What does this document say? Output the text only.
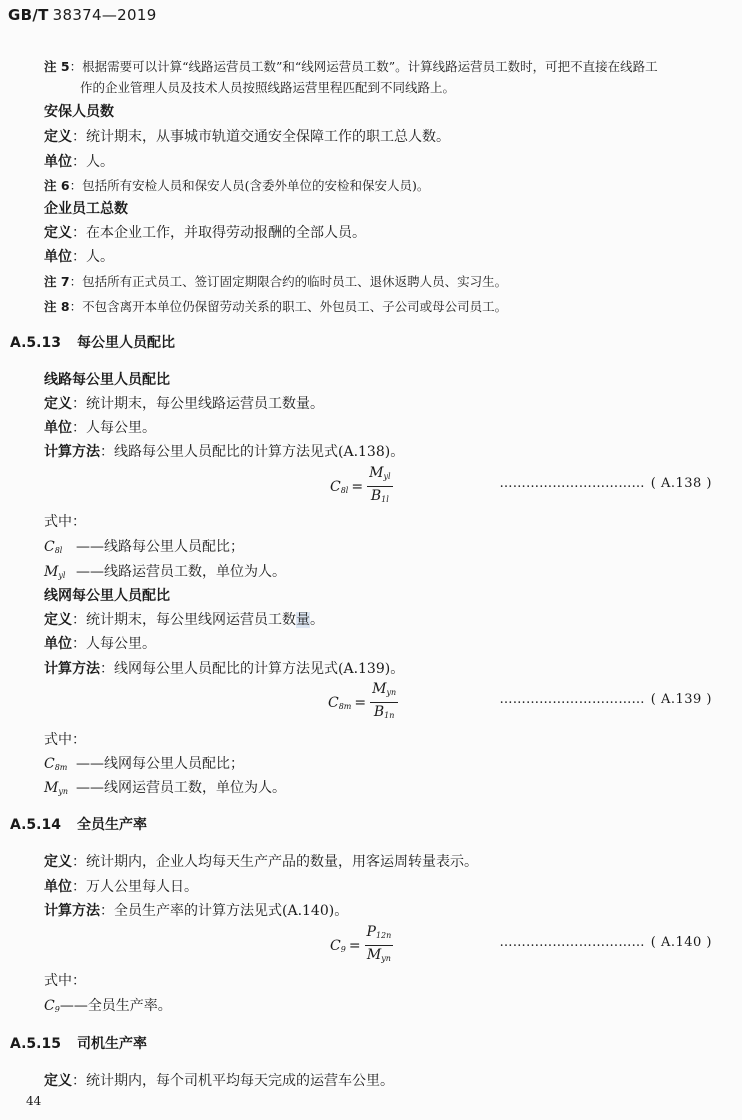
GB/T 38374—2019
注 5：根据需要可以计算“线路运营员工数”和“线网运营员工数”。计算线路运营员工数时，可把不直接在线路工
作的企业管理人员及技术人员按照线路运营里程匹配到不同线路上。
安保人员数
定义：统计期末，从事城市轨道交通安全保障工作的职工总人数。
单位：人。
注 6：包括所有安检人员和保安人员(含委外单位的安检和保安人员)。
企业员工总数
定义：在本企业工作，并取得劳动报酬的全部人员。
单位：人。
注 7：包括所有正式员工、签订固定期限合约的临时员工、退休返聘人员、实习生。
注 8：不包含离开本单位仍保留劳动关系的职工、外包员工、子公司或母公司员工。
A.5.13 每公里人员配比
线路每公里人员配比
定义：统计期末，每公里线路运营员工数量。
单位：人每公里。
计算方法：线路每公里人员配比的计算方法见式(A.138)。
$C_{8l} = \frac{M_{yl}}{B_{1l}}$	…………………………… ( A.138 )
式中：
$C_{8l}$ ——线路每公里人员配比；
$M_{yl}$ ——线路运营员工数，单位为人。
线网每公里人员配比
定义：统计期末，每公里线网运营员工数量。
单位：人每公里。
计算方法：线网每公里人员配比的计算方法见式(A.139)。
$C_{8m} = \frac{M_{yn}}{B_{1n}}$	…………………………… ( A.139 )
式中：
$C_{8m}$ ——线网每公里人员配比；
$M_{yn}$ ——线网运营员工数，单位为人。
A.5.14 全员生产率
定义：统计期内，企业人均每天生产产品的数量，用客运周转量表示。
单位：万人公里每人日。
计算方法：全员生产率的计算方法见式(A.140)。
$C_9 = \frac{P_{12n}}{M_{yn}}$	…………………………… ( A.140 )
式中：
$C_9——$全员生产率。
A.5.15 司机生产率
定义：统计期内，每个司机平均每天完成的运营车公里。
44
